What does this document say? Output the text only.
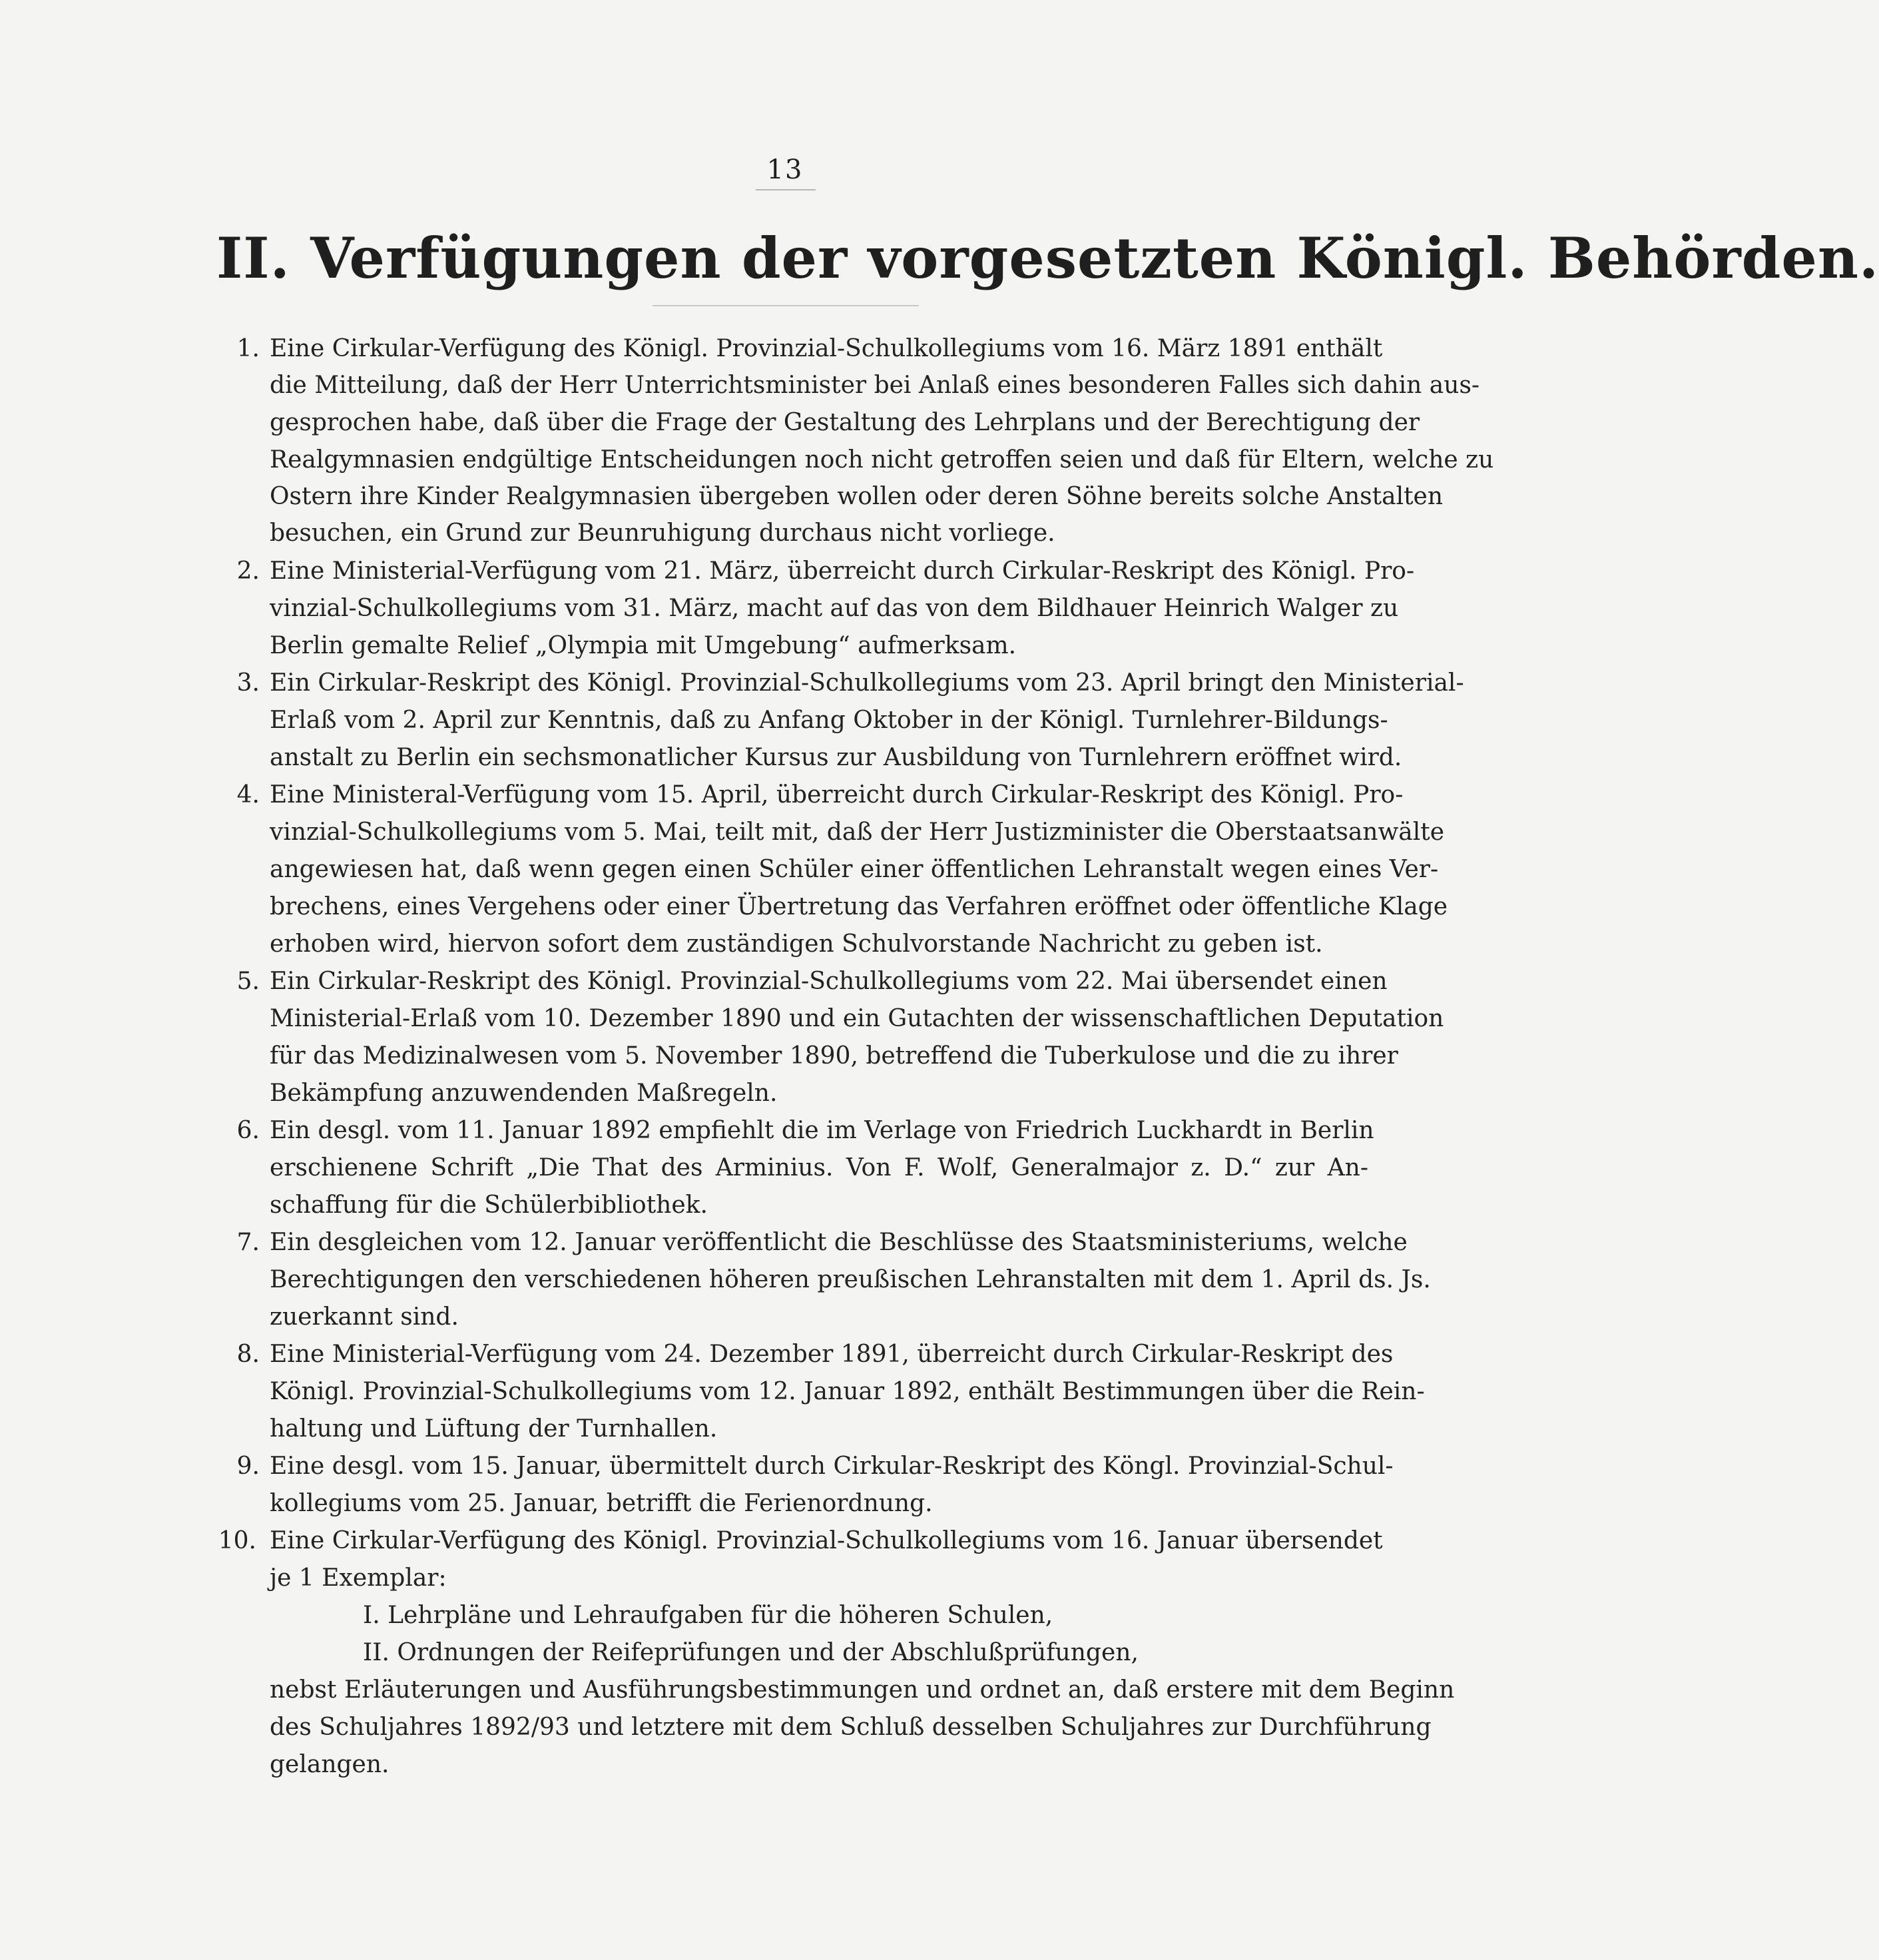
13
II. Verfügungen der vorgesetzten Königl. Behörden.
1. Eine Cirkular-Verfügung des Königl. Provinzial-Schulkollegiums vom 16. März 1891 enthält
die Mitteilung, daß der Herr Unterrichtsminister bei Anlaß eines besonderen Falles sich dahin aus-
gesprochen habe, daß über die Frage der Gestaltung des Lehrplans und der Berechtigung der
Realgymnasien endgültige Entscheidungen noch nicht getroffen seien und daß für Eltern, welche zu
Ostern ihre Kinder Realgymnasien übergeben wollen oder deren Söhne bereits solche Anstalten
besuchen, ein Grund zur Beunruhigung durchaus nicht vorliege.
2. Eine Ministerial-Verfügung vom 21. März, überreicht durch Cirkular-Reskript des Königl. Pro-
vinzial-Schulkollegiums vom 31. März, macht auf das von dem Bildhauer Heinrich Walger zu
Berlin gemalte Relief „Olympia mit Umgebung“ aufmerksam.
3. Ein Cirkular-Reskript des Königl. Provinzial-Schulkollegiums vom 23. April bringt den Ministerial-
Erlaß vom 2. April zur Kenntnis, daß zu Anfang Oktober in der Königl. Turnlehrer-Bildungs-
anstalt zu Berlin ein sechsmonatlicher Kursus zur Ausbildung von Turnlehrern eröffnet wird.
4. Eine Ministeral-Verfügung vom 15. April, überreicht durch Cirkular-Reskript des Königl. Pro-
vinzial-Schulkollegiums vom 5. Mai, teilt mit, daß der Herr Justizminister die Oberstaatsanwälte
angewiesen hat, daß wenn gegen einen Schüler einer öffentlichen Lehranstalt wegen eines Ver-
brechens, eines Vergehens oder einer Übertretung das Verfahren eröffnet oder öffentliche Klage
erhoben wird, hiervon sofort dem zuständigen Schulvorstande Nachricht zu geben ist.
5. Ein Cirkular-Reskript des Königl. Provinzial-Schulkollegiums vom 22. Mai übersendet einen
Ministerial-Erlaß vom 10. Dezember 1890 und ein Gutachten der wissenschaftlichen Deputation
für das Medizinalwesen vom 5. November 1890, betreffend die Tuberkulose und die zu ihrer
Bekämpfung anzuwendenden Maßregeln.
6. Ein desgl. vom 11. Januar 1892 empfiehlt die im Verlage von Friedrich Luckhardt in Berlin
erschienene Schrift „Die That des Arminius. Von F. Wolf, Generalmajor z. D.“ zur An-
schaffung für die Schülerbibliothek.
7. Ein desgleichen vom 12. Januar veröffentlicht die Beschlüsse des Staatsministeriums, welche
Berechtigungen den verschiedenen höheren preußischen Lehranstalten mit dem 1. April ds. Js.
zuerkannt sind.
8. Eine Ministerial-Verfügung vom 24. Dezember 1891, überreicht durch Cirkular-Reskript des
Königl. Provinzial-Schulkollegiums vom 12. Januar 1892, enthält Bestimmungen über die Rein-
haltung und Lüftung der Turnhallen.
9. Eine desgl. vom 15. Januar, übermittelt durch Cirkular-Reskript des Köngl. Provinzial-Schul-
kollegiums vom 25. Januar, betrifft die Ferienordnung.
10. Eine Cirkular-Verfügung des Königl. Provinzial-Schulkollegiums vom 16. Januar übersendet
je 1 Exemplar:
I. Lehrpläne und Lehraufgaben für die höheren Schulen,
II. Ordnungen der Reifeprüfungen und der Abschlußprüfungen,
nebst Erläuterungen und Ausführungsbestimmungen und ordnet an, daß erstere mit dem Beginn
des Schuljahres 1892/93 und letztere mit dem Schluß desselben Schuljahres zur Durchführung
gelangen.
